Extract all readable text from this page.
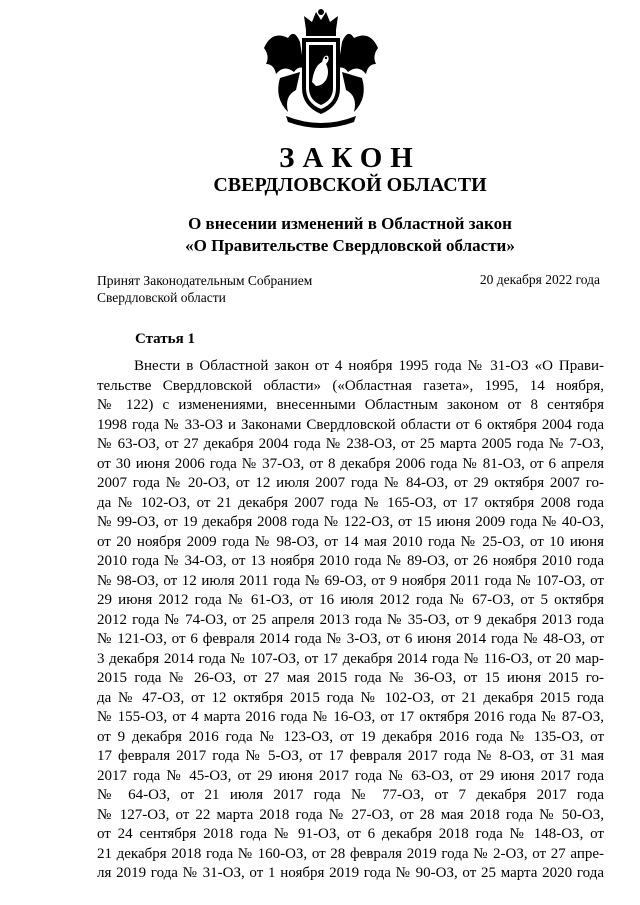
ЗАКОН
СВЕРДЛОВСКОЙ ОБЛАСТИ
О внесении изменений в Областной закон
«О Правительстве Свердловской области»
Принят Законодательным Собранием
Свердловской области
20 декабря 2022 года
Статья 1
Внести в Областной закон от 4 ноября 1995 года № 31-ОЗ «О Прави-
тельстве Свердловской области» («Областная газета», 1995, 14 ноября,
№ 122) с изменениями, внесенными Областным законом от 8 сентября
1998 года № 33-ОЗ и Законами Свердловской области от 6 октября 2004 года
№ 63-ОЗ, от 27 декабря 2004 года № 238-ОЗ, от 25 марта 2005 года № 7-ОЗ,
от 30 июня 2006 года № 37-ОЗ, от 8 декабря 2006 года № 81-ОЗ, от 6 апреля
2007 года № 20-ОЗ, от 12 июля 2007 года № 84-ОЗ, от 29 октября 2007 го-
да № 102-ОЗ, от 21 декабря 2007 года № 165-ОЗ, от 17 октября 2008 года
№ 99-ОЗ, от 19 декабря 2008 года № 122-ОЗ, от 15 июня 2009 года № 40-ОЗ,
от 20 ноября 2009 года № 98-ОЗ, от 14 мая 2010 года № 25-ОЗ, от 10 июня
2010 года № 34-ОЗ, от 13 ноября 2010 года № 89-ОЗ, от 26 ноября 2010 года
№ 98-ОЗ, от 12 июля 2011 года № 69-ОЗ, от 9 ноября 2011 года № 107-ОЗ, от
29 июня 2012 года № 61-ОЗ, от 16 июля 2012 года № 67-ОЗ, от 5 октября
2012 года № 74-ОЗ, от 25 апреля 2013 года № 35-ОЗ, от 9 декабря 2013 года
№ 121-ОЗ, от 6 февраля 2014 года № 3-ОЗ, от 6 июня 2014 года № 48-ОЗ, от
3 декабря 2014 года № 107-ОЗ, от 17 декабря 2014 года № 116-ОЗ, от 20 мар-
2015 года № 26-ОЗ, от 27 мая 2015 года № 36-ОЗ, от 15 июня 2015 го-
да № 47-ОЗ, от 12 октября 2015 года № 102-ОЗ, от 21 декабря 2015 года
№ 155-ОЗ, от 4 марта 2016 года № 16-ОЗ, от 17 октября 2016 года № 87-ОЗ,
от 9 декабря 2016 года № 123-ОЗ, от 19 декабря 2016 года № 135-ОЗ, от
17 февраля 2017 года № 5-ОЗ, от 17 февраля 2017 года № 8-ОЗ, от 31 мая
2017 года № 45-ОЗ, от 29 июня 2017 года № 63-ОЗ, от 29 июня 2017 года
№ 64-ОЗ, от 21 июля 2017 года № 77-ОЗ, от 7 декабря 2017 года
№ 127-ОЗ, от 22 марта 2018 года № 27-ОЗ, от 28 мая 2018 года № 50-ОЗ,
от 24 сентября 2018 года № 91-ОЗ, от 6 декабря 2018 года № 148-ОЗ, от
21 декабря 2018 года № 160-ОЗ, от 28 февраля 2019 года № 2-ОЗ, от 27 апре-
ля 2019 года № 31-ОЗ, от 1 ноября 2019 года № 90-ОЗ, от 25 марта 2020 года
